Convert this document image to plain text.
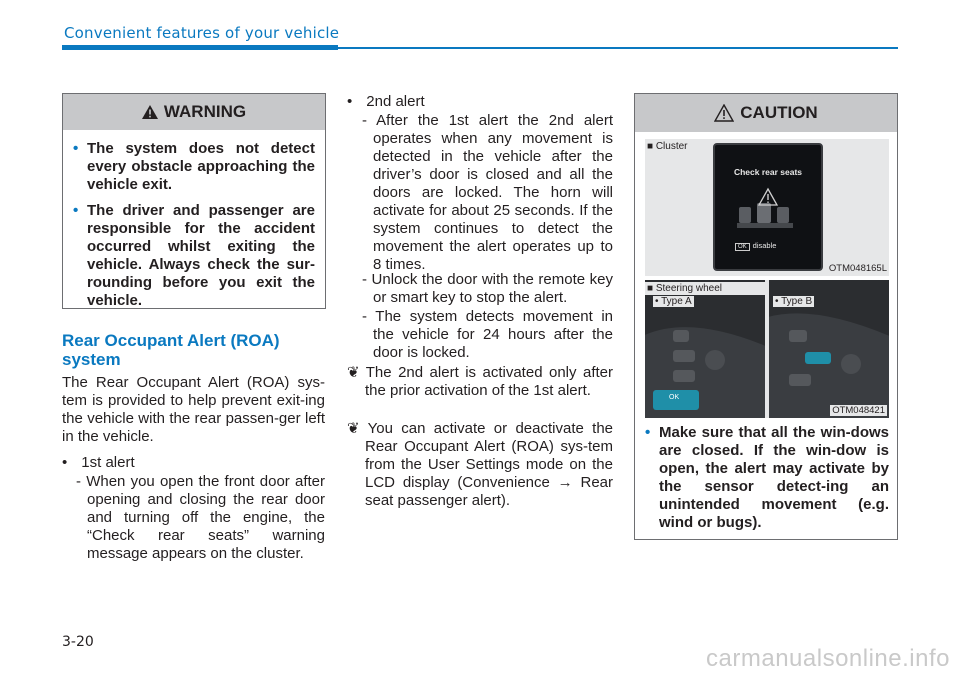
Convenient features of your vehicle
WARNING
• The system does not detect every obstacle approaching the vehicle exit.
• The driver and passenger are responsible for the accident occurred whilst exiting the vehicle. Always check the sur-rounding before you exit the vehicle.
Rear Occupant Alert (ROA) system
The Rear Occupant Alert (ROA) sys-tem is provided to help prevent exit-ing the vehicle with the rear passen-ger left in the vehicle.
• 1st alert
- When you open the front door after opening and closing the rear door and turning off the engine, the “Check rear seats” warning message appears on the cluster.
• 2nd alert
- After the 1st alert the 2nd alert operates when any movement is detected in the vehicle after the driver’s door is closed and all the doors are locked. The horn will activate for about 25 seconds. If the system continues to detect the movement the alert operates up to 8 times.
- Unlock the door with the remote key or smart key to stop the alert.
- The system detects movement in the vehicle for 24 hours after the door is locked.
❦ The 2nd alert is activated only after the prior activation of the 1st alert.
❦ You can activate or deactivate the Rear Occupant Alert (ROA) sys-tem from the User Settings mode on the LCD display (Convenience → Rear seat passenger alert).
CAUTION
■ Cluster
Check rear seats
OK disable
OTM048165L
■ Steering wheel
• Type A
OK
• Type B
OTM048421
• Make sure that all the win-dows are closed. If the win-dow is open, the alert may activate by the sensor detect-ing an unintended movement (e.g. wind or bugs).
3-20
carmanualsonline.info
